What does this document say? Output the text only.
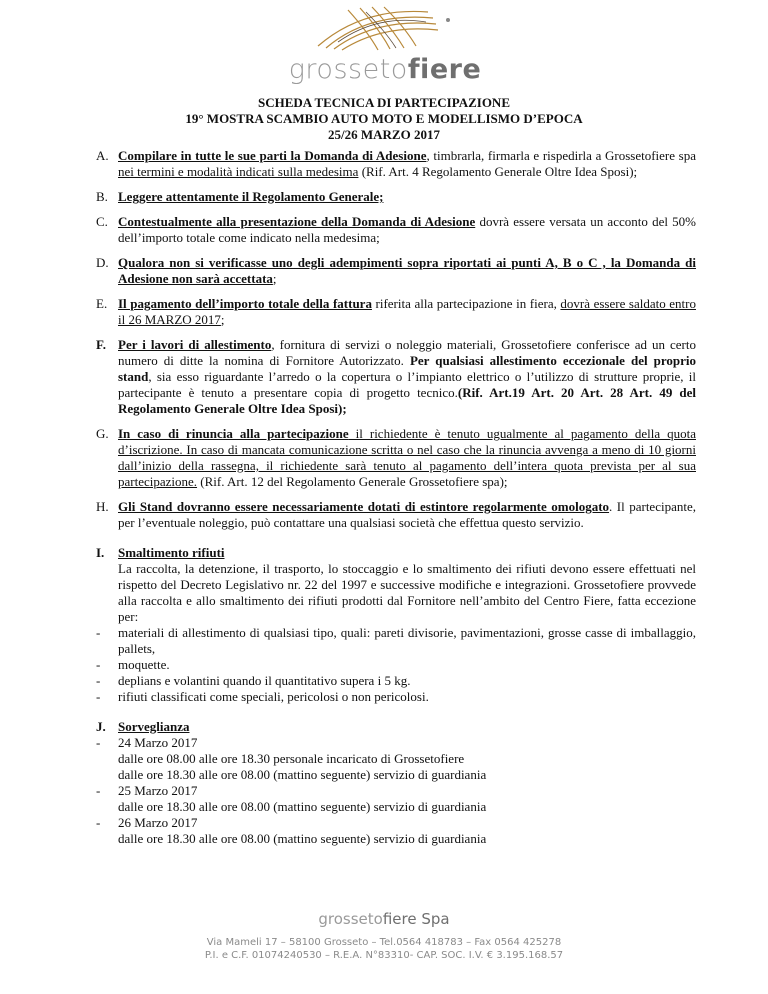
grossetofiere
SCHEDA TECNICA DI PARTECIPAZIONE
19° MOSTRA SCAMBIO AUTO MOTO E MODELLISMO D’EPOCA
25/26 MARZO 2017
A. Compilare in tutte le sue parti la Domanda di Adesione, timbrarla, firmarla e rispedirla a Grossetofiere spa nei termini e modalità indicati sulla medesima (Rif. Art. 4 Regolamento Generale Oltre Idea Sposi);
B. Leggere attentamente il Regolamento Generale;
C. Contestualmente alla presentazione della Domanda di Adesione dovrà essere versata un acconto del 50% dell’importo totale come indicato nella medesima;
D. Qualora non si verificasse uno degli adempimenti sopra riportati ai punti A, B o C , la Domanda di Adesione non sarà accettata;
E. Il pagamento dell’importo totale della fattura riferita alla partecipazione in fiera, dovrà essere saldato entro il 26 MARZO 2017;
F. Per i lavori di allestimento, fornitura di servizi o noleggio materiali, Grossetofiere conferisce ad un certo numero di ditte la nomina di Fornitore Autorizzato. Per qualsiasi allestimento eccezionale del proprio stand, sia esso riguardante l’arredo o la copertura o l’impianto elettrico o l’utilizzo di strutture proprie, il partecipante è tenuto a presentare copia di progetto tecnico.(Rif. Art.19 Art. 20 Art. 28 Art. 49 del Regolamento Generale Oltre Idea Sposi);
G. In caso di rinuncia alla partecipazione il richiedente è tenuto ugualmente al pagamento della quota d’iscrizione. In caso di mancata comunicazione scritta o nel caso che la rinuncia avvenga a meno di 10 giorni dall’inizio della rassegna, il richiedente sarà tenuto al pagamento dell’intera quota prevista per al sua partecipazione. (Rif. Art. 12 del Regolamento Generale Grossetofiere spa);
H. Gli Stand dovranno essere necessariamente dotati di estintore regolarmente omologato. Il partecipante, per l’eventuale noleggio, può contattare una qualsiasi società che effettua questo servizio.
I. Smaltimento rifiuti
La raccolta, la detenzione, il trasporto, lo stoccaggio e lo smaltimento dei rifiuti devono essere effettuati nel rispetto del Decreto Legislativo nr. 22 del 1997 e successive modifiche e integrazioni. Grossetofiere provvede alla raccolta e allo smaltimento dei rifiuti prodotti dal Fornitore nell’ambito del Centro Fiere, fatta eccezione per:
- materiali di allestimento di qualsiasi tipo, quali: pareti divisorie, pavimentazioni, grosse casse di imballaggio, pallets,
- moquette.
- deplians e volantini quando il quantitativo supera i 5 kg.
- rifiuti classificati come speciali, pericolosi o non pericolosi.
J. Sorveglianza
- 24 Marzo 2017
dalle ore 08.00 alle ore 18.30 personale incaricato di Grossetofiere
dalle ore 18.30 alle ore 08.00 (mattino seguente) servizio di guardiania
- 25 Marzo 2017
dalle ore 18.30 alle ore 08.00 (mattino seguente) servizio di guardiania
- 26 Marzo 2017
dalle ore 18.30 alle ore 08.00 (mattino seguente) servizio di guardiania
grossetofiere Spa
Via Mameli 17 – 58100 Grosseto – Tel.0564 418783 – Fax 0564 425278
P.I. e C.F. 01074240530 – R.E.A. N°83310- CAP. SOC. I.V. € 3.195.168.57
